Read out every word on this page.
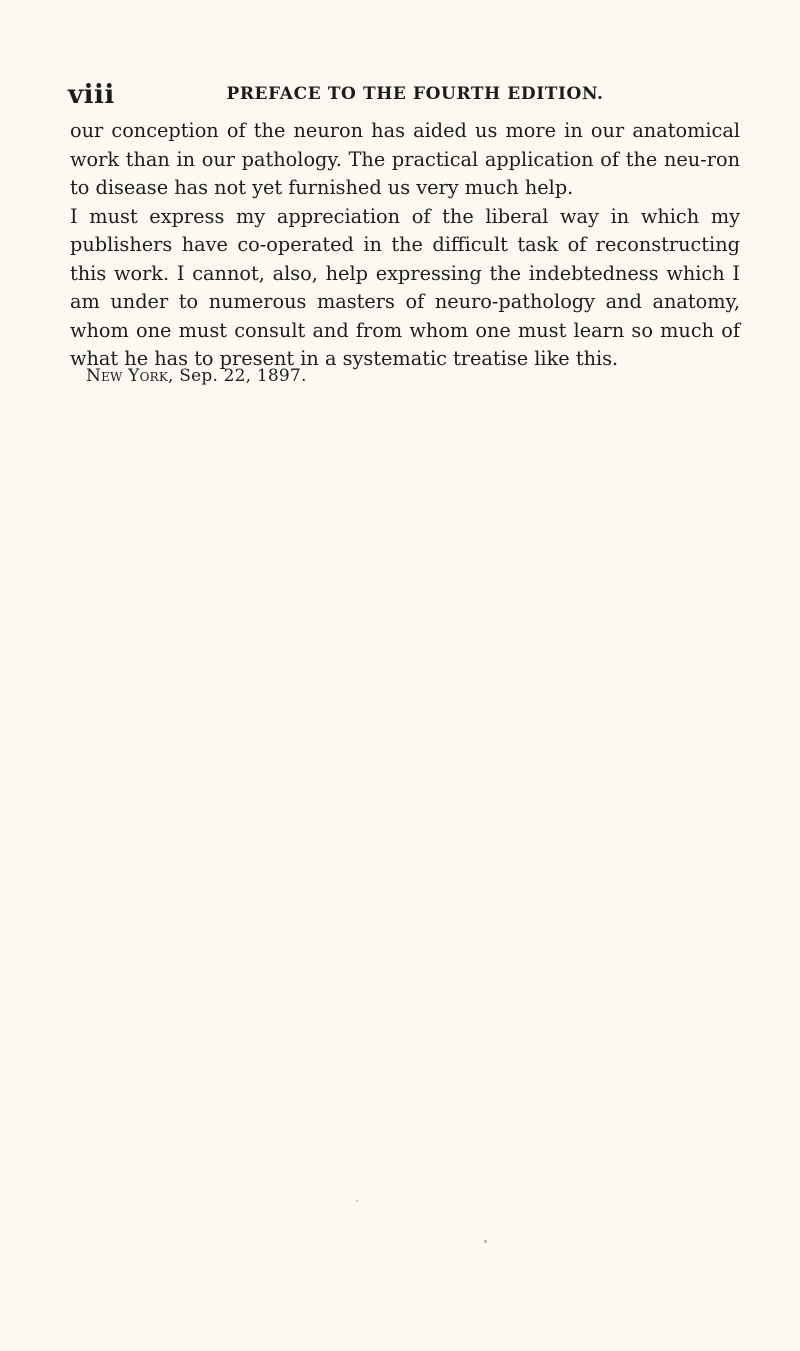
viii	PREFACE TO THE FOURTH EDITION.

our conception of the neuron has aided us more in our anatomical work than in our pathology. The practical application of the neu-ron to disease has not yet furnished us very much help.

I must express my appreciation of the liberal way in which my publishers have co-operated in the difficult task of reconstructing this work. I cannot, also, help expressing the indebtedness which I am under to numerous masters of neuro-pathology and anatomy, whom one must consult and from whom one must learn so much of what he has to present in a systematic treatise like this.

New York, Sep. 22, 1897.
